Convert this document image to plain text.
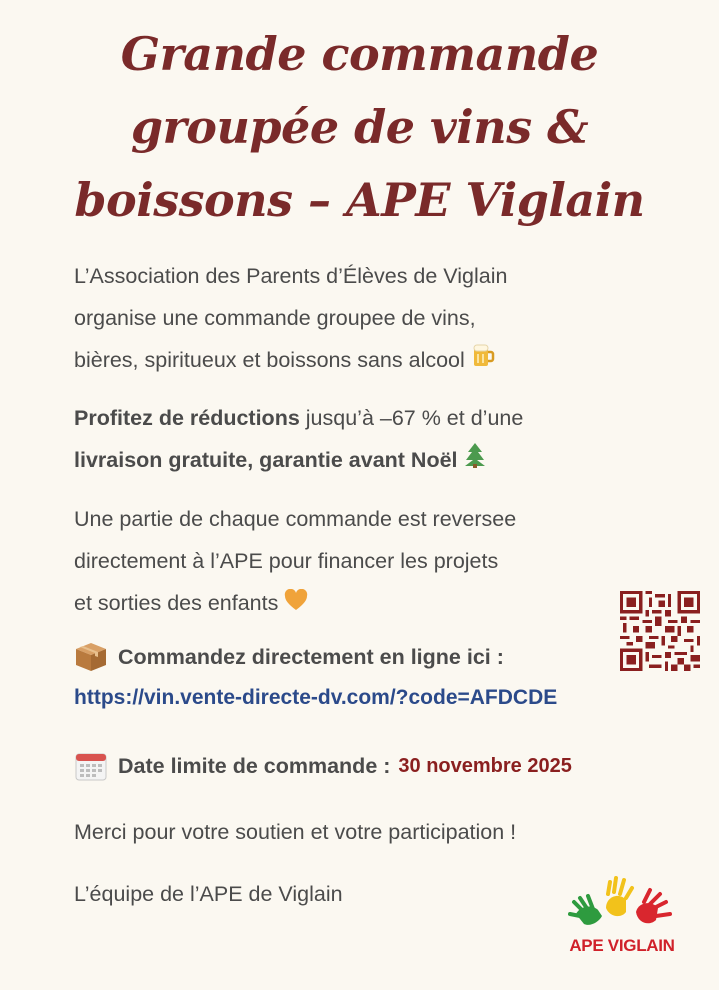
Grande commande
groupée de vins &
boissons – APE Viglain
L’Association des Parents d’Élèves de Viglain
organise une commande groupee de vins,
bières, spiritueux et boissons sans alcool
Profitez de réductions jusqu’à –67 % et d’une
livraison gratuite, garantie avant Noël
Une partie de chaque commande est reversee
directement à l’APE pour financer les projets
et sorties des enfants
Commandez directement en ligne ici :
https://vin.vente-directe-dv.com/?code=AFDCDE
Date limite de commande : 30 novembre 2025
Merci pour votre soutien et votre participation !
L’équipe de l’APE de Viglain
APE VIGLAIN
